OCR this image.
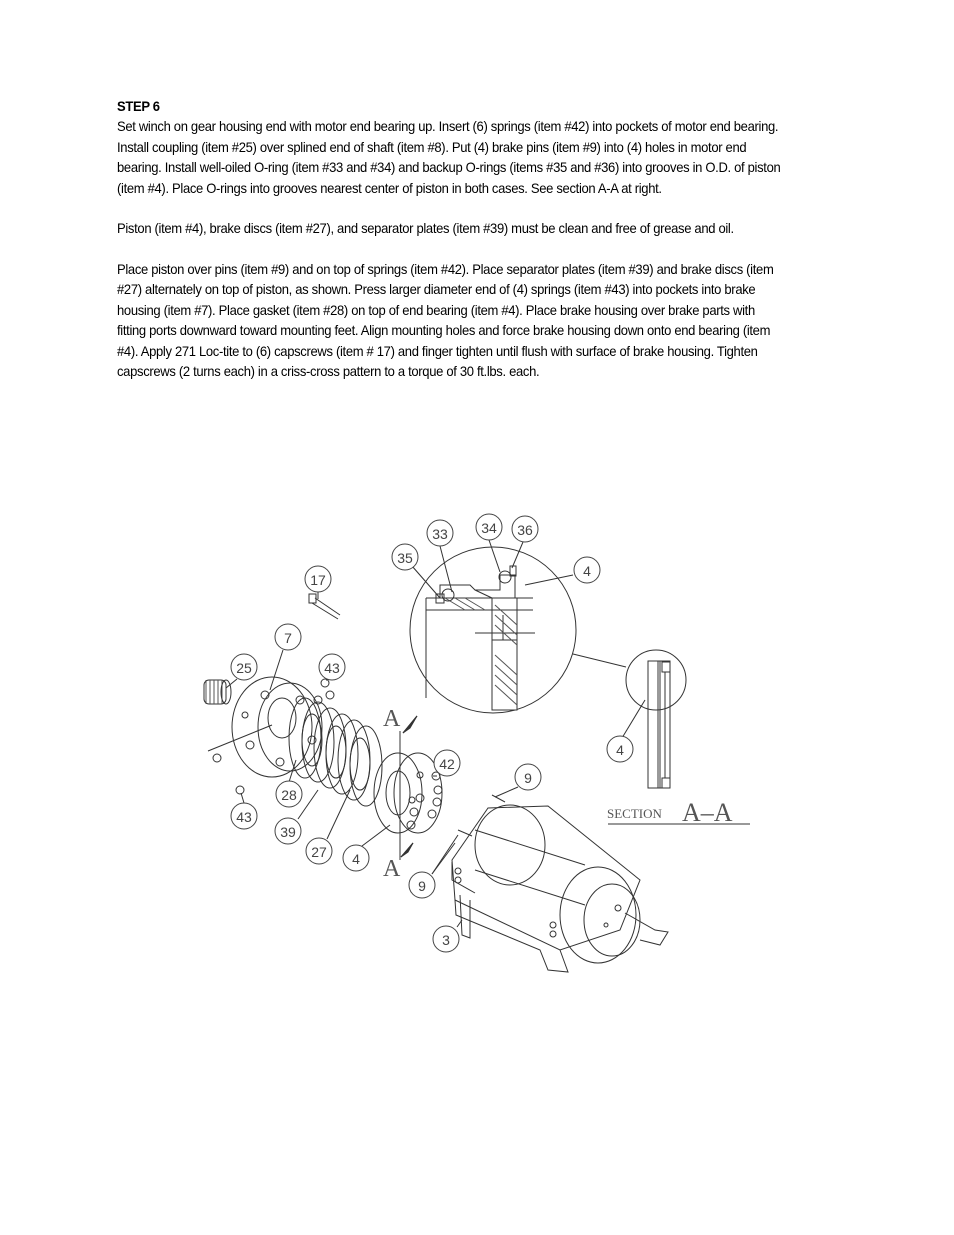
STEP 6

Set winch on gear housing end with motor end bearing up. Insert (6) springs (item #42) into pockets of motor end bearing. Install coupling (item #25) over splined end of shaft (item #8). Put (4) brake pins (item #9) into (4) holes in motor end bearing. Install well-oiled O-ring (item #33 and #34) and backup O-rings (items #35 and #36) into grooves in O.D. of piston (item #4). Place O-rings into grooves nearest center of piston in both cases. See section A-A at right.

Piston (item #4), brake discs (item #27), and separator plates (item #39) must be clean and free of grease and oil.

Place piston over pins (item #9) and on top of springs (item #42). Place separator plates (item #39) and brake discs (item #27) alternately on top of piston, as shown. Press larger diameter end of (4) springs (item #43) into pockets into brake housing (item #7). Place gasket (item #28) on top of end bearing (item #4). Place brake housing over brake parts with fitting ports downward toward mounting feet. Align mounting holes and force brake housing down onto end bearing (item #4). Apply 271 Loc-tite to (6) capscrews (item # 17) and finger tighten until flush with surface of brake housing. Tighten capscrews (2 turns each) in a criss-cross pattern to a torque of 30 ft.lbs. each.

33 34 36
35
4
17
7
25	43
42
9
28
43
39
27 4
9
3
4
A
A
SECTION A–A
